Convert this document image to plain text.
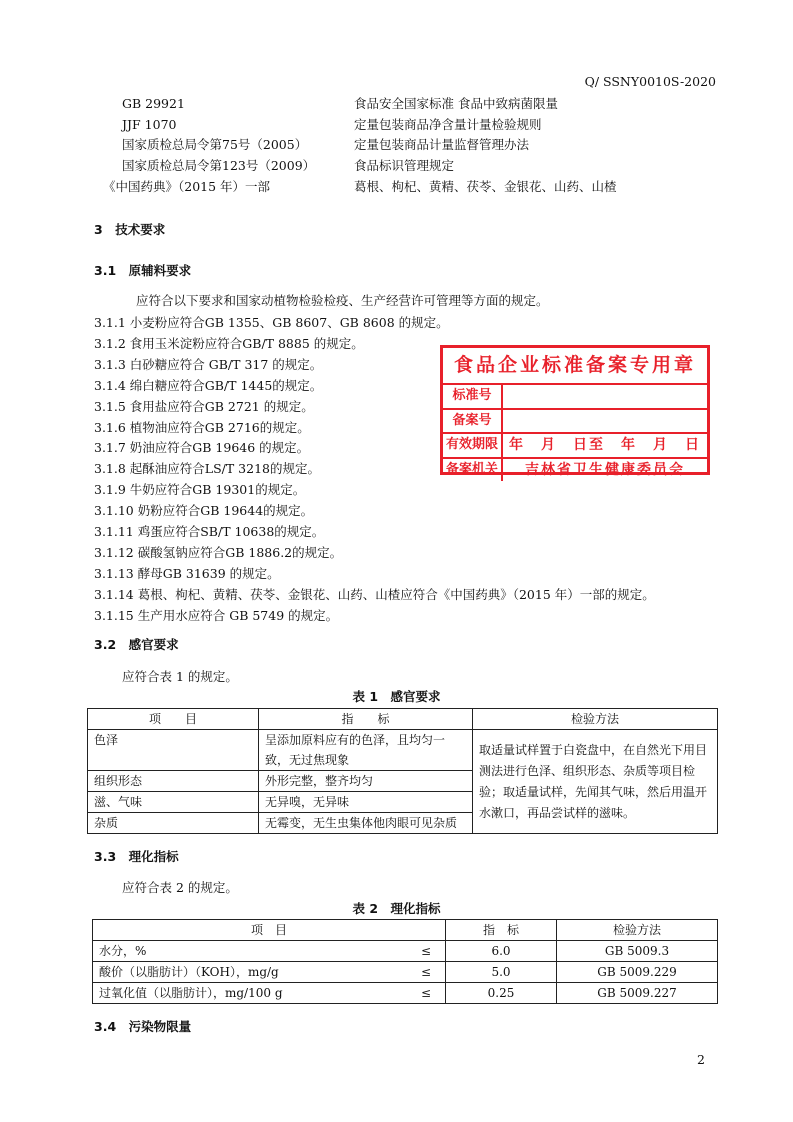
Q/ SSNY0010S-2020
3　技术要求
3.1　原辅料要求
应符合以下要求和国家动植物检验检疫、生产经营许可管理等方面的规定。
3.1.1 小麦粉应符合GB 1355、GB 8607、GB 8608 的规定。
3.1.2 食用玉米淀粉应符合GB/T 8885 的规定。
3.1.3 白砂糖应符合 GB/T 317 的规定。
3.1.4 绵白糖应符合GB/T 1445的规定。
3.1.5 食用盐应符合GB 2721 的规定。
3.1.6 植物油应符合GB 2716的规定。
3.1.7 奶油应符合GB 19646 的规定。
3.1.8 起酥油应符合LS/T 3218的规定。
3.1.9 牛奶应符合GB 19301的规定。
3.1.10 奶粉应符合GB 19644的规定。
3.1.11 鸡蛋应符合SB/T 10638的规定。
3.1.12 碳酸氢钠应符合GB 1886.2的规定。
3.1.13 酵母GB 31639 的规定。
3.1.14 葛根、枸杞、黄精、茯苓、金银花、山药、山楂应符合《中国药典》（2015 年）一部的规定。
3.1.15 生产用水应符合 GB 5749 的规定。
食品企业标准备案专用章
标准号
备案号
有效期限 年　月　日至　年　月　日
备案机关	吉林省卫生健康委员会
3.2　感官要求
应符合表 1 的规定。
表 1　感官要求
项　　目	指　　标	检验方法
色泽	呈添加原料应有的色泽，且均匀一致，无过焦现象	取适量试样置于白瓷盘中，在自然光下用目测法进行色泽、组织形态、杂质等项目检验；取适量试样，先闻其气味，然后用温开水漱口，再品尝试样的滋味。
组织形态	外形完整，整齐均匀	
滋、气味	无异嗅，无异味	
杂质	无霉变，无生虫集体他肉眼可见杂质	
3.3　理化指标
应符合表 2 的规定。
表 2　理化指标
项　目	指　标	检验方法
水分，% ≤	6.0	GB 5009.3
酸价（以脂肪计）（KOH），mg/g ≤	5.0	GB 5009.229
过氧化值（以脂肪计），mg/100 g ≤	0.25	GB 5009.227
3.4　污染物限量
2
GB 29921	食品安全国家标准 食品中致病菌限量
JJF 1070	定量包装商品净含量计量检验规则
国家质检总局令第75号（2005）	定量包装商品计量监督管理办法
国家质检总局令第123号（2009）	食品标识管理规定
《中国药典》（2015 年）一部	葛根、枸杞、黄精、茯苓、金银花、山药、山楂
